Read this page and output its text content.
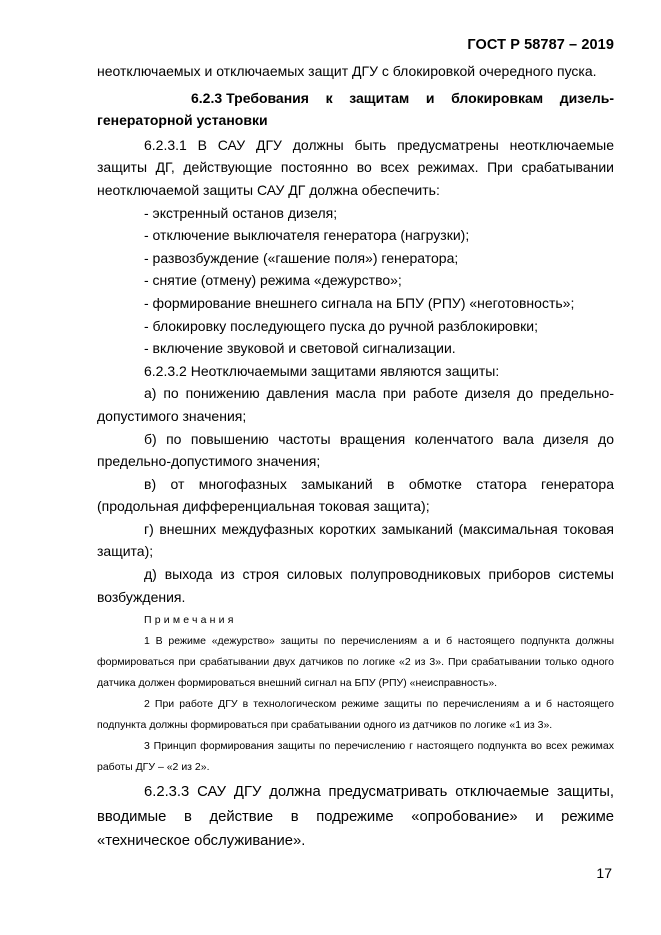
ГОСТ Р 58787 – 2019

неотключаемых и отключаемых защит ДГУ с блокировкой очередного пуска.

6.2.3 Требования к защитам и блокировкам дизель-генераторной установки

6.2.3.1 В САУ ДГУ должны быть предусматрены неотключаемые защиты ДГ, действующие постоянно во всех режимах. При срабатывании неотключаемой защиты САУ ДГ должна обеспечить:

- экстренный останов дизеля;

- отключение выключателя генератора (нагрузки);

- развозбуждение («гашение поля») генератора;

- снятие (отмену) режима «дежурство»;

- формирование внешнего сигнала на БПУ (РПУ) «неготовность»;

- блокировку последующего пуска до ручной разблокировки;

- включение звуковой и световой сигнализации.

6.2.3.2 Неотключаемыми защитами являются защиты:

а) по понижению давления масла при работе дизеля до предельно-допустимого значения;

б) по повышению частоты вращения коленчатого вала дизеля до предельно-допустимого значения;

в) от многофазных замыканий в обмотке статора генератора (продольная дифференциальная токовая защита);

г) внешних междуфазных коротких замыканий (максимальная токовая защита);

д) выхода из строя силовых полупроводниковых приборов системы возбуждения.

Примечания

1 В режиме «дежурство» защиты по перечислениям а и б настоящего подпункта должны формироваться при срабатывании двух датчиков по логике «2 из 3». При срабатывании только одного датчика должен формироваться внешний сигнал на БПУ (РПУ) «неисправность».

2 При работе ДГУ в технологическом режиме защиты по перечислениям а и б настоящего подпункта должны формироваться при срабатывании одного из датчиков по логике «1 из 3».

3 Принцип формирования защиты по перечислению г настоящего подпункта во всех режимах работы ДГУ – «2 из 2».

6.2.3.3 САУ ДГУ должна предусматривать отключаемые защиты, вводимые в действие в подрежиме «опробование» и режиме «техническое обслуживание».

17
